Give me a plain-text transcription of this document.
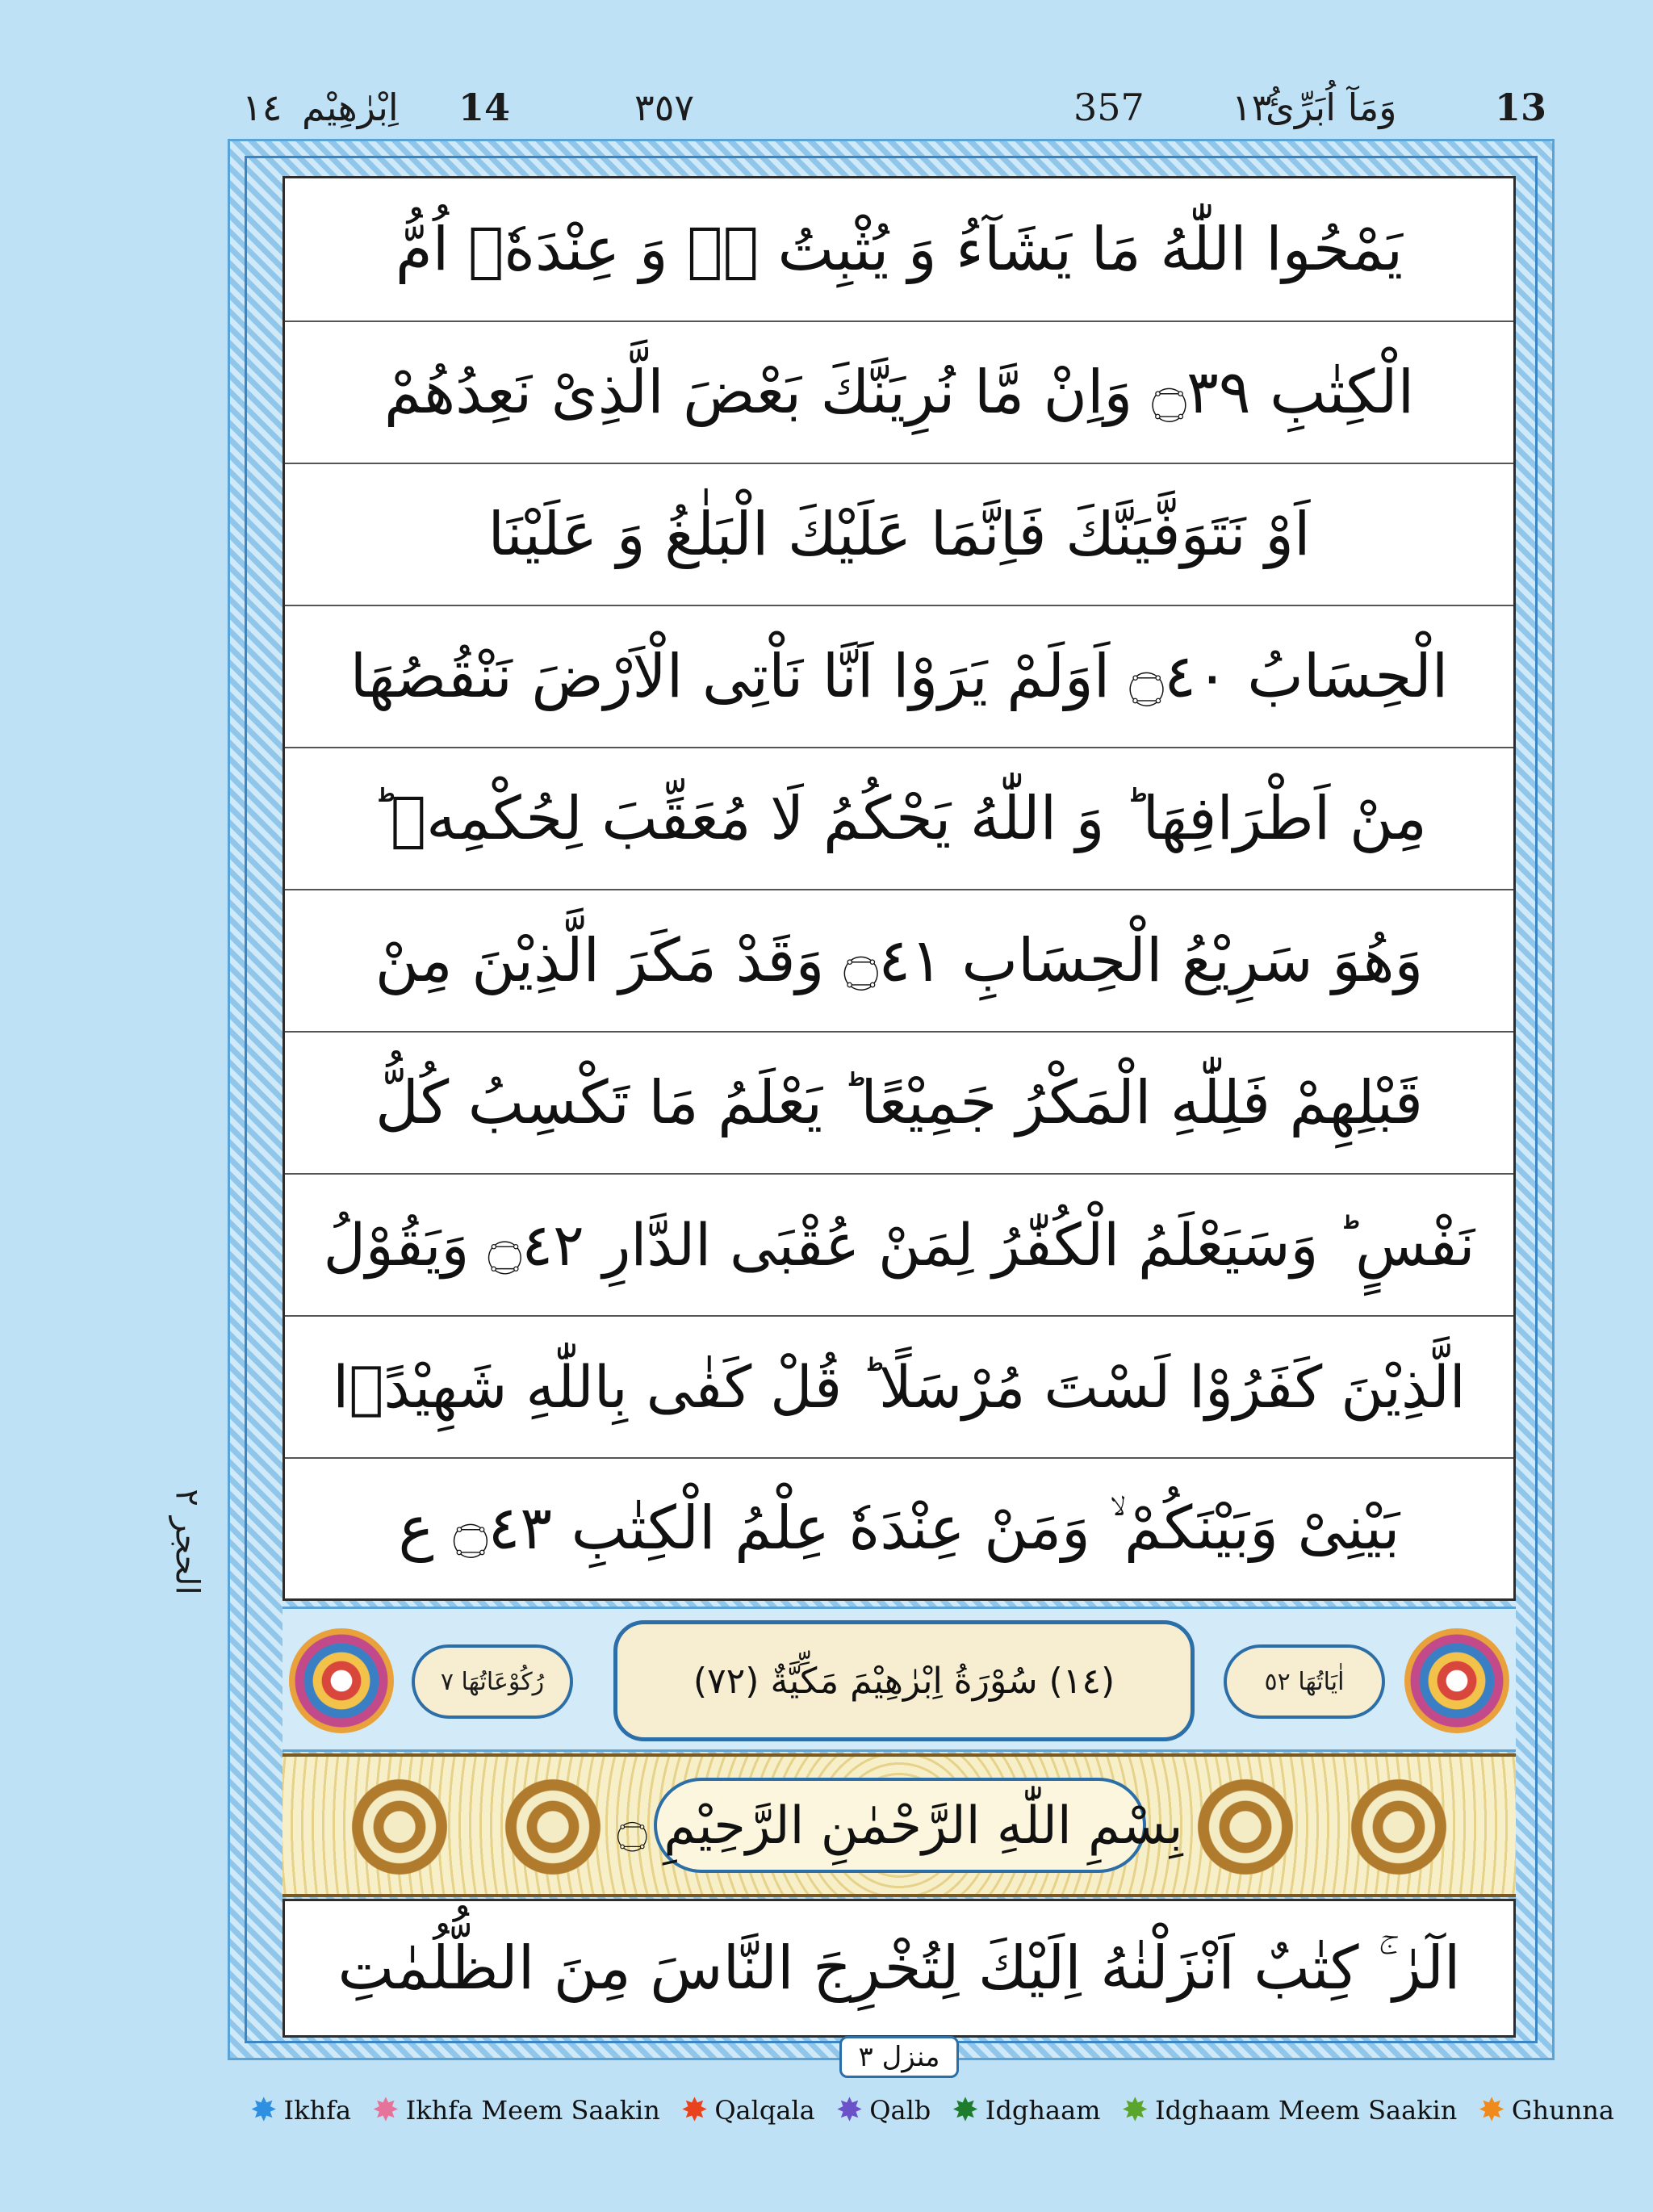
13
وَمَآ اُبَرِّئُ
١٣
357
٣٥٧
14
اِبْرٰهِيْم
١٤
الحجر ٢
يَمْحُوا اللّٰهُ مَا يَشَآءُ وَ يُثْبِتُ ۚۖ وَ عِنْدَهٗۤ اُمُّ
الْكِتٰبِ ۝٣٩ وَاِنْ مَّا نُرِيَنَّكَ بَعْضَ الَّذِىْ نَعِدُهُمْ
اَوْ نَتَوَفَّيَنَّكَ فَاِنَّمَا عَلَيْكَ الْبَلٰغُ وَ عَلَيْنَا
الْحِسَابُ ۝٤٠ اَوَلَمْ يَرَوْا اَنَّا نَاْتِى الْاَرْضَ نَنْقُصُهَا
مِنْ اَطْرَافِهَا ؕ وَ اللّٰهُ يَحْكُمُ لَا مُعَقِّبَ لِحُكْمِهٖ ؕ
وَهُوَ سَرِيْعُ الْحِسَابِ ۝٤١ وَقَدْ مَكَرَ الَّذِيْنَ مِنْ
قَبْلِهِمْ فَلِلّٰهِ الْمَكْرُ جَمِيْعًا ؕ يَعْلَمُ مَا تَكْسِبُ كُلُّ
نَفْسٍ ؕ وَسَيَعْلَمُ الْكُفّٰرُ لِمَنْ عُقْبَى الدَّارِ ۝٤٢ وَيَقُوْلُ
الَّذِيْنَ كَفَرُوْا لَسْتَ مُرْسَلًا ؕ قُلْ كَفٰى بِاللّٰهِ شَهِيْدًۢا
بَيْنِىْ وَبَيْنَكُمْ ۙ وَمَنْ عِنْدَهٗ عِلْمُ الْكِتٰبِ ۝٤٣ ع
رُكُوْعَاتُهَا ٧	(١٤) سُوْرَةُ اِبْرٰهِيْمَ مَكِّيَّةٌ (٧٢)	اٰيَاتُهَا ٥٢
بِسْمِ اللّٰهِ الرَّحْمٰنِ الرَّحِيْمِ ۝
الٓرٰ ۚ كِتٰبٌ اَنْزَلْنٰهُ اِلَيْكَ لِتُخْرِجَ النَّاسَ مِنَ الظُّلُمٰتِ
منزل ٣
✸ Ikhfa ✸ Ikhfa Meem Saakin ✸ Qalqala ✸ Qalb ✸ Idghaam ✸ Idghaam Meem Saakin ✸ Ghunna
